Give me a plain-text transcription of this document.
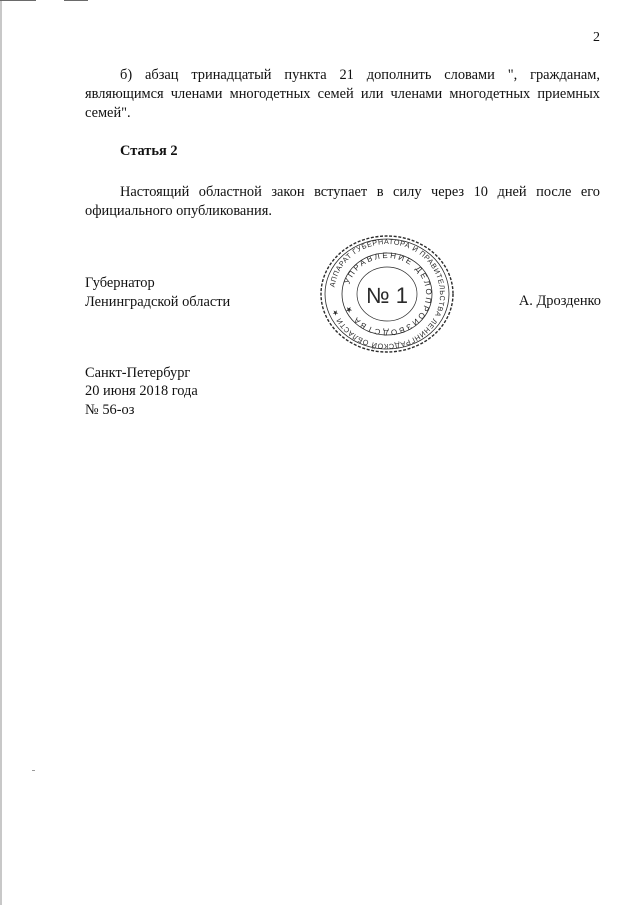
2

б) абзац тринадцатый пункта 21 дополнить словами ", гражданам, являющимся членами многодетных семей или членами многодетных приемных семей".

Статья 2

Настоящий областной закон вступает в силу через 10 дней после его официального опубликования.

Губернатор
Ленинградской области	А. Дрозденко
АППАРАТ ГУБЕРНАТОРА И ПРАВИТЕЛЬСТВА ЛЕНИНГРАДСКОЙ ОБЛАСТИ ★
УПРАВЛЕНИЕ ДЕЛОПРОИЗВОДСТВА ★
№ 1
Санкт-Петербург
20 июня 2018 года
№ 56-оз
